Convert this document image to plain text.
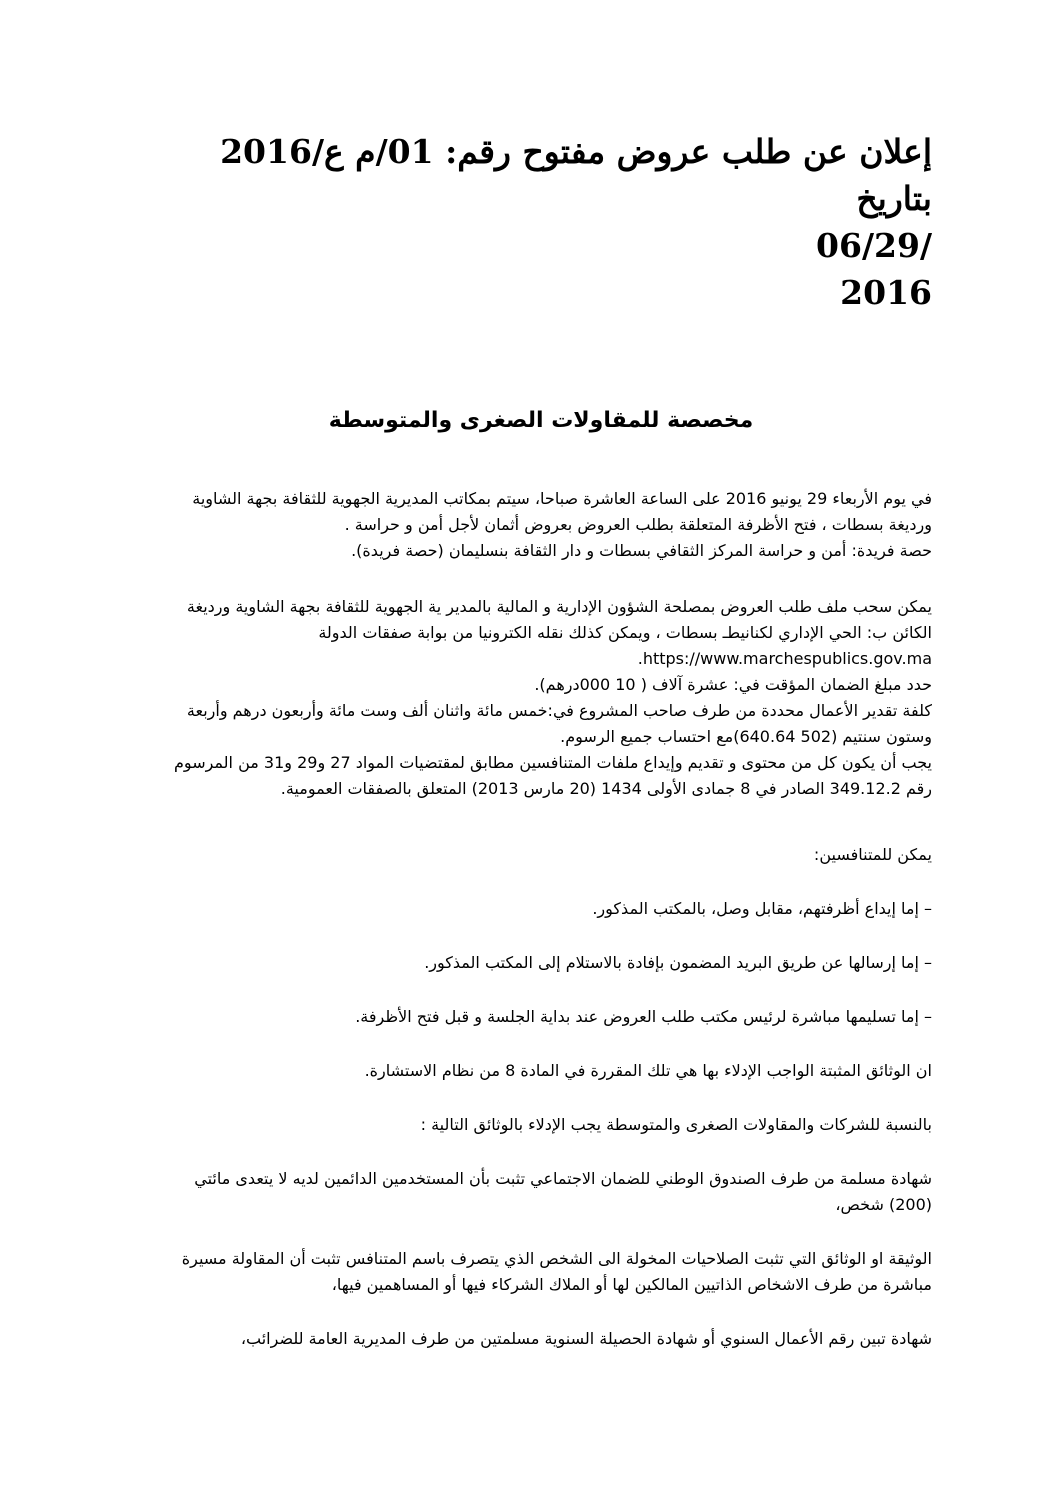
إعلان عن طلب عروض مفتوح رقم: 01/م ع/2016 بتاريخ
/06/29
2016
مخصصة للمقاولات الصغرى والمتوسطة

في يوم الأربعاء 29 يونيو 2016 على الساعة العاشرة صباحا، سيتم بمكاتب المديرية الجهوية للثقافة بجهة الشاوية ورديغة بسطات ، فتح الأظرفة المتعلقة بطلب العروض بعروض أثمان لأجل أمن و حراسة .

حصة فريدة: أمن و حراسة المركز الثقافي بسطات و دار الثقافة بنسليمان (حصة فريدة).

يمكن سحب ملف طلب العروض بمصلحة الشؤون الإدارية و المالية بالمدير ية الجهوية للثقافة بجهة الشاوية ورديغة الكائن ب: الحي الإداري لكنانيطـ بسطات ، ويمكن كذلك نقله الكترونيا من بوابة صفقات الدولة https://www.marchespublics.gov.ma.

حدد مبلغ الضمان المؤقت في: عشرة آلاف ( 10 000درهم).

كلفة تقدير الأعمال محددة من طرف صاحب المشروع في:خمس مائة واثنان ألف وست مائة وأربعون درهم وأربعة وستون سنتيم (502 640.64)مع احتساب جميع الرسوم.

يجب أن يكون كل من محتوى و تقديم وإيداع ملفات المتنافسين مطابق لمقتضيات المواد 27 و29 و31 من المرسوم رقم 349.12.2 الصادر في 8 جمادى الأولى 1434 (20 مارس 2013) المتعلق بالصفقات العمومية.

يمكن للمتنافسين:

– إما إيداع أظرفتهم، مقابل وصل، بالمكتب المذكور.

– إما إرسالها عن طريق البريد المضمون بإفادة بالاستلام إلى المكتب المذكور.

– إما تسليمها مباشرة لرئيس مكتب طلب العروض عند بداية الجلسة و قبل فتح الأظرفة.

ان الوثائق المثبتة الواجب الإدلاء بها هي تلك المقررة في المادة 8 من نظام الاستشارة.

بالنسبة للشركات والمقاولات الصغرى والمتوسطة يجب الإدلاء بالوثائق التالية :

شهادة مسلمة من طرف الصندوق الوطني للضمان الاجتماعي تثبت بأن المستخدمين الدائمين لديه لا يتعدى مائتي (200) شخص،

الوثيقة او الوثائق التي تثبت الصلاحيات المخولة الى الشخص الذي يتصرف باسم المتنافس تثبت أن المقاولة مسيرة مباشرة من طرف الاشخاص الذاتيين المالكين لها أو الملاك الشركاء فيها أو المساهمين فيها،

شهادة تبين رقم الأعمال السنوي أو شهادة الحصيلة السنوية مسلمتين من طرف المديرية العامة للضرائب،
